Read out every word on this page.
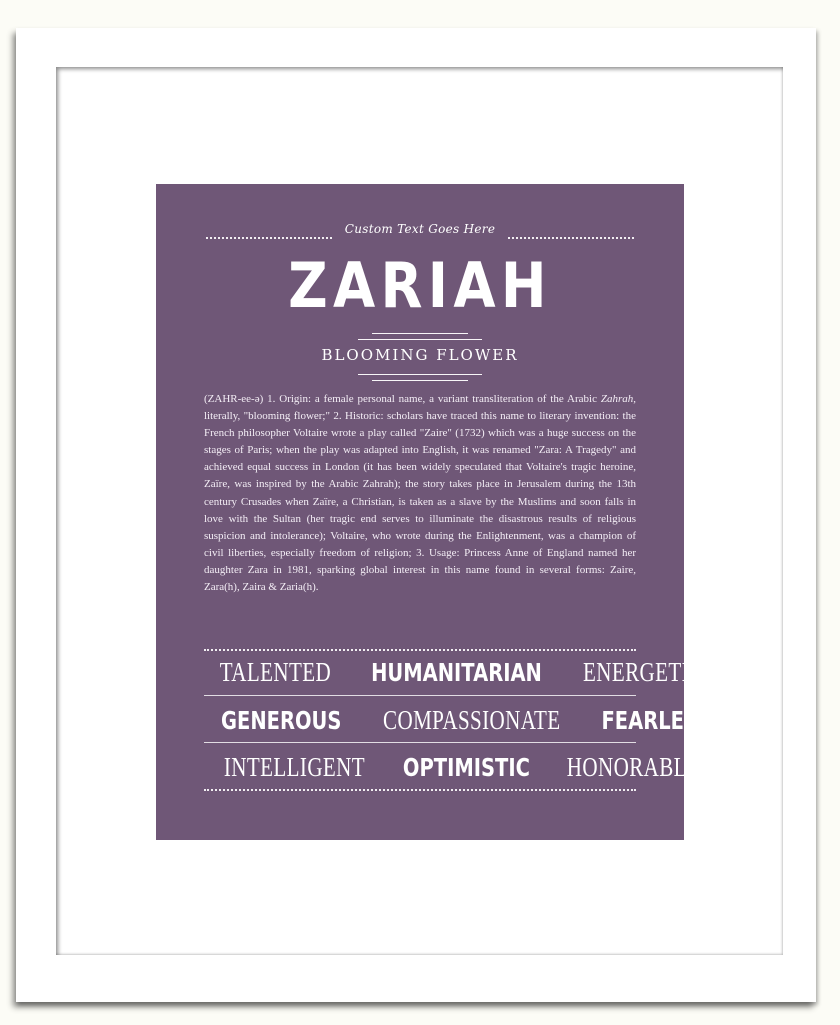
Custom Text Goes Here
ZARIAH
BLOOMING FLOWER
(ZAHR-ee-ə) 1. Origin: a female personal name, a variant transliteration of the Arabic Zahrah, literally, "blooming flower;" 2. Historic: scholars have traced this name to literary invention: the French philosopher Voltaire wrote a play called "Zaire" (1732) which was a huge success on the stages of Paris; when the play was adapted into English, it was renamed "Zara: A Tragedy" and achieved equal success in London (it has been widely speculated that Voltaire's tragic heroine, Zaïre, was inspired by the Arabic Zahrah); the story takes place in Jerusalem during the 13th century Crusades when Zaïre, a Christian, is taken as a slave by the Muslims and soon falls in love with the Sultan (her tragic end serves to illuminate the disastrous results of religious suspicion and intolerance); Voltaire, who wrote during the Enlightenment, was a champion of civil liberties, especially freedom of religion; 3. Usage: Princess Anne of England named her daughter Zara in 1981, sparking global interest in this name found in several forms: Zaire, Zara(h), Zaira & Zaria(h).
TALENTED HUMANITARIAN ENERGETIC
GENEROUS COMPASSIONATE FEARLESS
INTELLIGENT OPTIMISTIC HONORABLE
